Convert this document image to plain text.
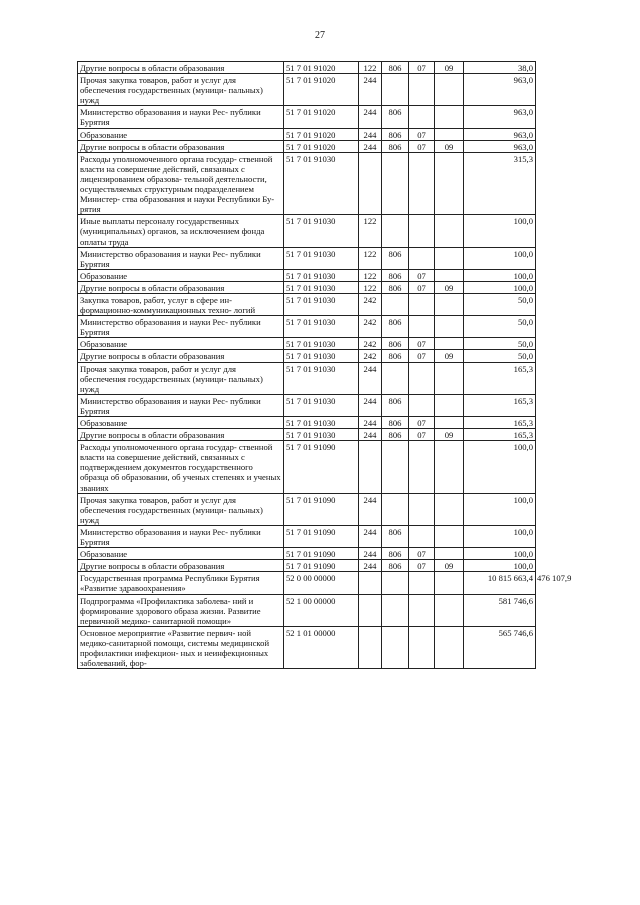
27
Другие вопросы в области образования	51 7 01 91020	122	806	07	09	38,0	

Прочая закупка товаров, работ и услуг для обеспечения государственных (муници- пальных) нужд	51 7 01 91020	244				963,0	

Министерство образования и науки Рес- публики Бурятия	51 7 01 91020	244	806			963,0	

Образование	51 7 01 91020	244	806	07		963,0	

Другие вопросы в области образования	51 7 01 91020	244	806	07	09	963,0	

Расходы уполномоченного органа государ- ственной власти на совершение действий, связанных с лицензированием образова- тельной деятельности, осуществляемых структурным подразделением Министер- ства образования и науки Республики Бу- рятия	51 7 01 91030					315,3	

Иные выплаты персоналу государственных (муниципальных) органов, за исключением фонда оплаты труда	51 7 01 91030	122				100,0	

Министерство образования и науки Рес- публики Бурятия	51 7 01 91030	122	806			100,0	

Образование	51 7 01 91030	122	806	07		100,0	

Другие вопросы в области образования	51 7 01 91030	122	806	07	09	100,0	

Закупка товаров, работ, услуг в сфере ин- формационно-коммуникационных техно- логий	51 7 01 91030	242				50,0	

Министерство образования и науки Рес- публики Бурятия	51 7 01 91030	242	806			50,0	

Образование	51 7 01 91030	242	806	07		50,0	

Другие вопросы в области образования	51 7 01 91030	242	806	07	09	50,0	

Прочая закупка товаров, работ и услуг для обеспечения государственных (муници- пальных) нужд	51 7 01 91030	244				165,3	

Министерство образования и науки Рес- публики Бурятия	51 7 01 91030	244	806			165,3	

Образование	51 7 01 91030	244	806	07		165,3	

Другие вопросы в области образования	51 7 01 91030	244	806	07	09	165,3	

Расходы уполномоченного органа государ- ственной власти на совершение действий, связанных с подтверждением документов государственного образца об образовании, об ученых степенях и ученых званиях	51 7 01 91090					100,0	

Прочая закупка товаров, работ и услуг для обеспечения государственных (муници- пальных) нужд	51 7 01 91090	244				100,0	

Министерство образования и науки Рес- публики Бурятия	51 7 01 91090	244	806			100,0	

Образование	51 7 01 91090	244	806	07		100,0	

Другие вопросы в области образования	51 7 01 91090	244	806	07	09	100,0	

Государственная программа Республики Бурятия «Развитие здравоохранения»	52 0 00 00000					10 815 663,4	476 107,9

Подпрограмма «Профилактика заболева- ний и формирование здорового образа жизни. Развитие первичной медико- санитарной помощи»	52 1 00 00000					581 746,6	

Основное мероприятие «Развитие первич- ной медико-санитарной помощи, системы медицинской профилактики инфекцион- ных и неинфекционных заболеваний, фор-	52 1 01 00000					565 746,6	
